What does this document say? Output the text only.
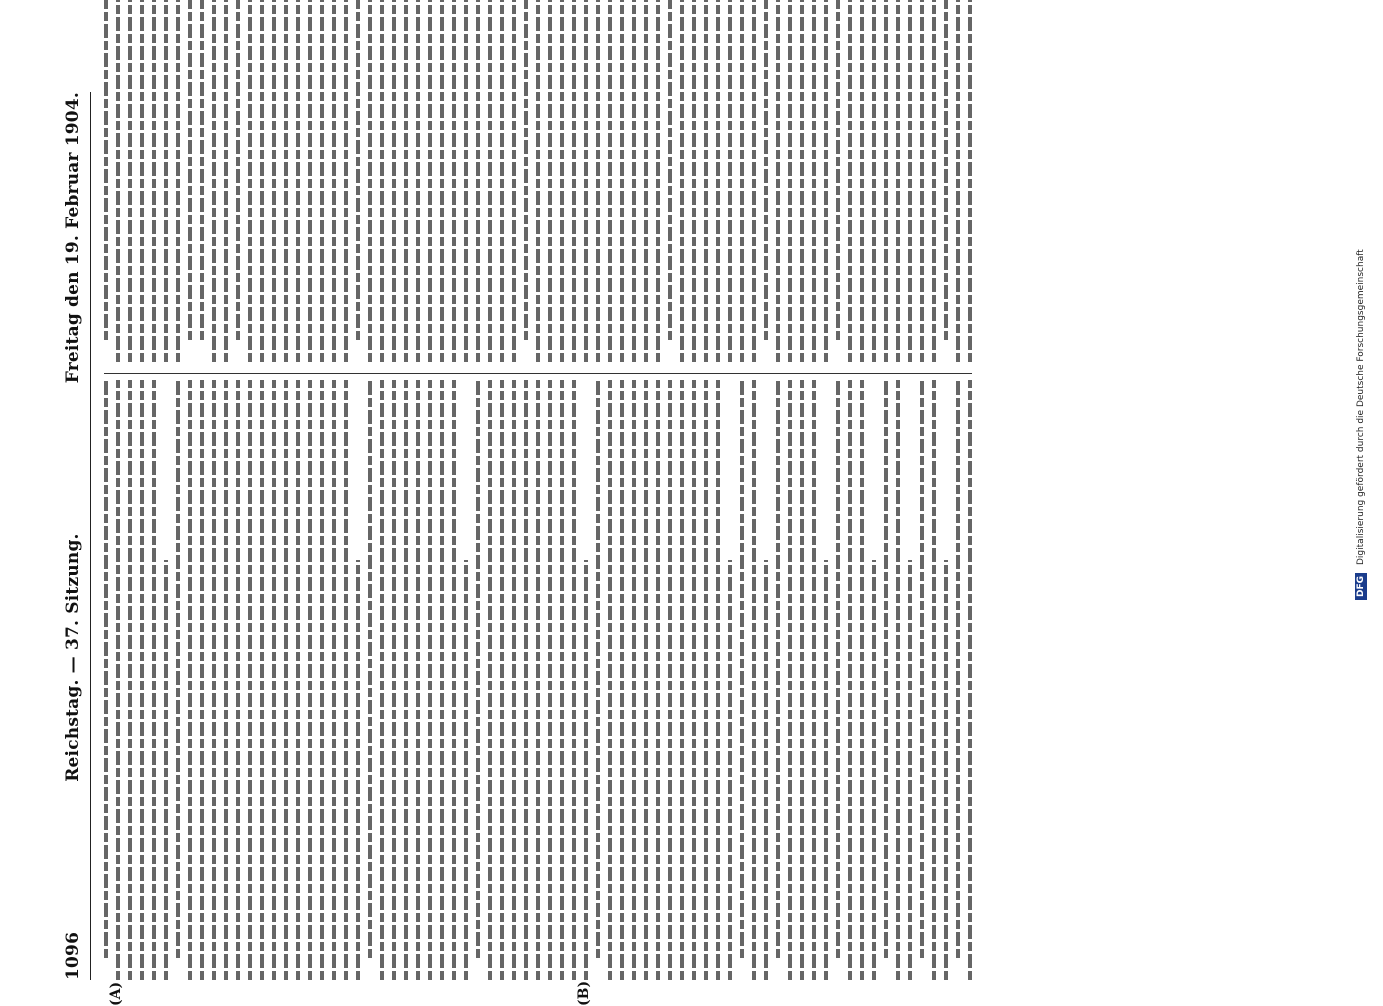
1096
Reichstag. — 37. Sitzung.
Freitag den 19. Februar 1904.
(A)	(B)
DFG
Digitalisierung gefördert durch die Deutsche Forschungsgemeinschaft
